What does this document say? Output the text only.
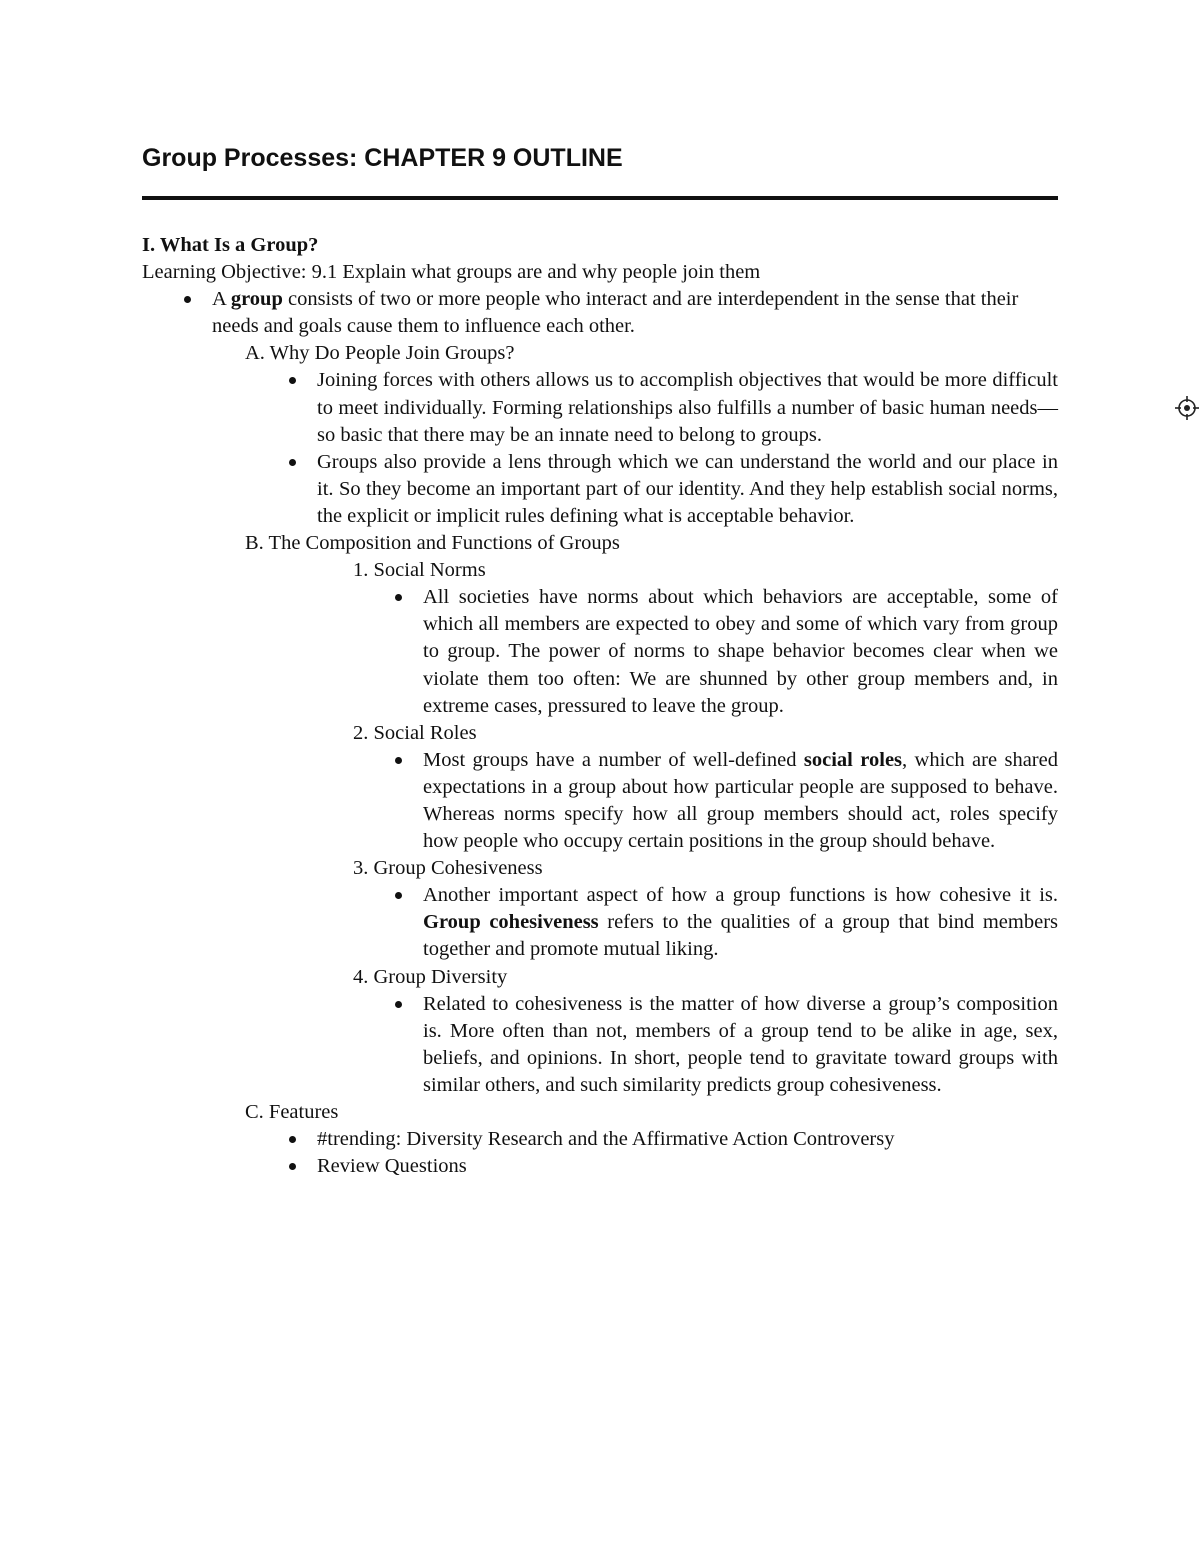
Group Processes: CHAPTER 9 OUTLINE

I. What Is a Group?

Learning Objective: 9.1 Explain what groups are and why people join them

A group consists of two or more people who interact and are interdependent in the sense that their needs and goals cause them to influence each other.

A. Why Do People Join Groups?

Joining forces with others allows us to accomplish objectives that would be more difficult to meet individually. Forming relationships also fulfills a number of basic human needs—so basic that there may be an innate need to belong to groups.
Groups also provide a lens through which we can understand the world and our place in it. So they become an important part of our identity. And they help establish social norms, the explicit or implicit rules defining what is acceptable behavior.

B. The Composition and Functions of Groups

1. Social Norms

All societies have norms about which behaviors are acceptable, some of which all members are expected to obey and some of which vary from group to group. The power of norms to shape behavior becomes clear when we violate them too often: We are shunned by other group members and, in extreme cases, pressured to leave the group.

2. Social Roles

Most groups have a number of well-defined social roles, which are shared expectations in a group about how particular people are supposed to behave. Whereas norms specify how all group members should act, roles specify how people who occupy certain positions in the group should behave.

3. Group Cohesiveness

Another important aspect of how a group functions is how cohesive it is. Group cohesiveness refers to the qualities of a group that bind members together and promote mutual liking.

4. Group Diversity

Related to cohesiveness is the matter of how diverse a group’s composition is. More often than not, members of a group tend to be alike in age, sex, beliefs, and opinions. In short, people tend to gravitate toward groups with similar others, and such similarity predicts group cohesiveness.

C. Features

#trending: Diversity Research and the Affirmative Action Controversy
Review Questions
